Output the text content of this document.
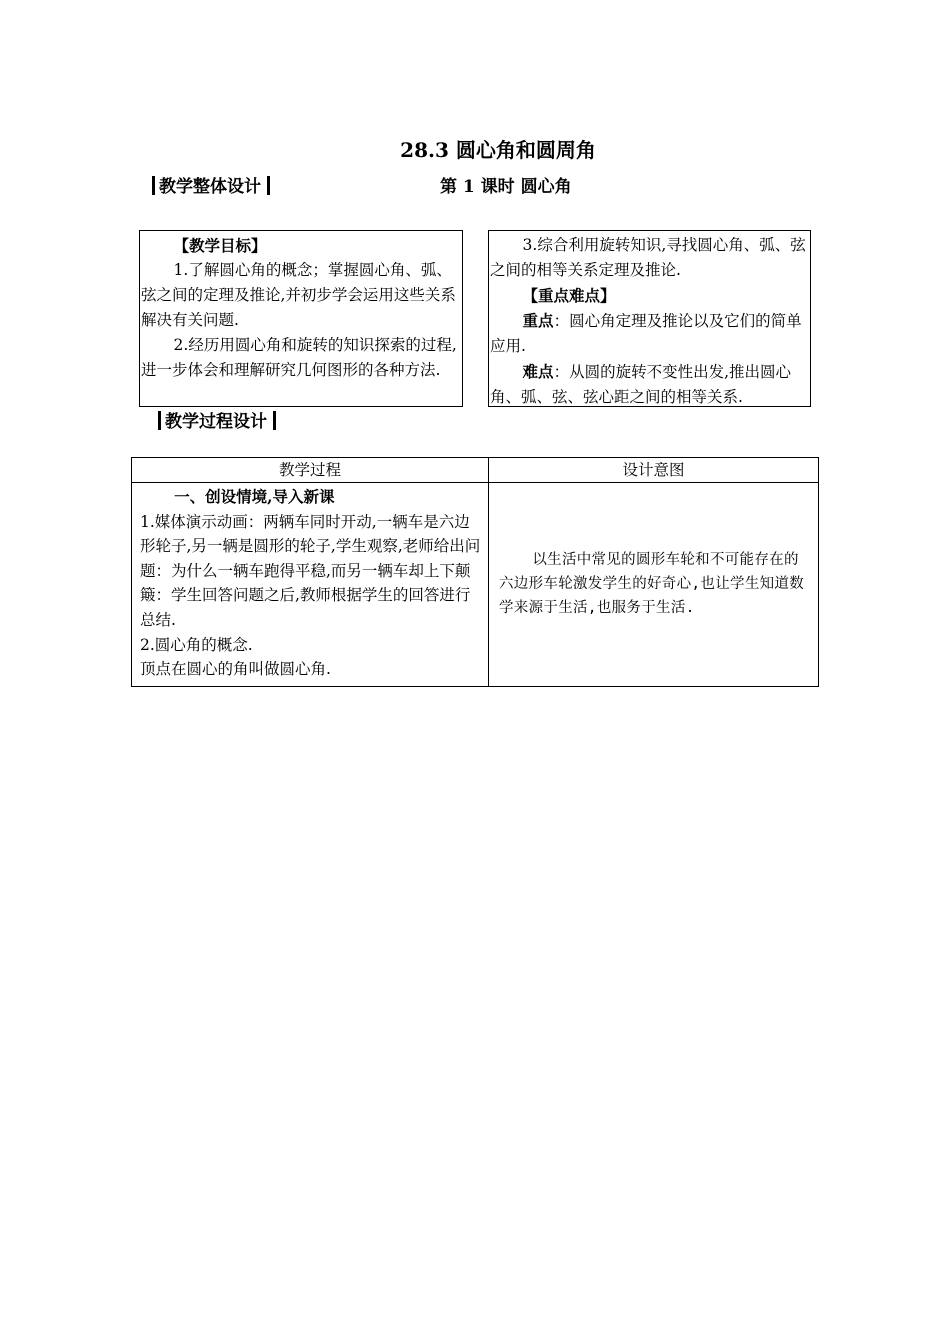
28.3 圆心角和圆周角
教学整体设计	第 1 课时 圆心角

【教学目标】

1.了解圆心角的概念；掌握圆心角、弧、弦之间的定理及推论,并初步学会运用这些关系解决有关问题.

2.经历用圆心角和旋转的知识探索的过程,进一步体会和理解研究几何图形的各种方法.

3.综合利用旋转知识,寻找圆心角、弧、弦之间的相等关系定理及推论.

【重点难点】

重点：圆心角定理及推论以及它们的简单应用.

难点：从圆的旋转不变性出发,推出圆心角、弧、弦、弦心距之间的相等关系.

教学过程设计
教学过程	设计意图

一、创设情境,导入新课

1.媒体演示动画：两辆车同时开动,一辆车是六边形轮子,另一辆是圆形的轮子,学生观察,老师给出问题：为什么一辆车跑得平稳,而另一辆车却上下颠簸：学生回答问题之后,教师根据学生的回答进行总结.

2.圆心角的概念.

顶点在圆心的角叫做圆心角.	以生活中常见的圆形车轮和不可能存在的六边形车轮激发学生的好奇心,也让学生知道数学来源于生活,也服务于生活.
